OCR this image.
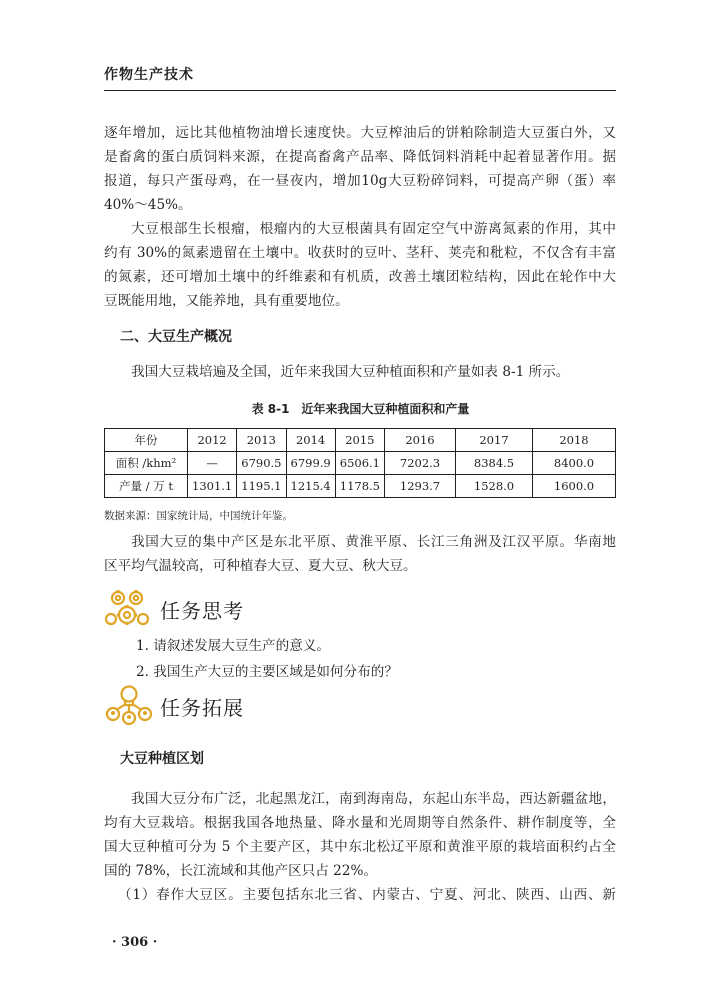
作物生产技术
逐年增加，远比其他植物油增长速度快。大豆榨油后的饼粕除制造大豆蛋白外，又
是畜禽的蛋白质饲料来源，在提高畜禽产品率、降低饲料消耗中起着显著作用。据
报道，每只产蛋母鸡，在一昼夜内，增加10g大豆粉碎饲料，可提高产卵（蛋）率
40%～45%。
大豆根部生长根瘤，根瘤内的大豆根菌具有固定空气中游离氮素的作用，其中
约有 30%的氮素遗留在土壤中。收获时的豆叶、茎秆、荚壳和秕粒，不仅含有丰富
的氮素，还可增加土壤中的纤维素和有机质，改善土壤团粒结构，因此在轮作中大
豆既能用地，又能养地，具有重要地位。
二、大豆生产概况
我国大豆栽培遍及全国，近年来我国大豆种植面积和产量如表 8-1 所示。
表 8-1　近年来我国大豆种植面积和产量
年份	2012	2013	2014	2015	2016	2017	2018
面积 /khm²	—	6790.5	6799.9	6506.1	7202.3	8384.5	8400.0
产量 / 万 t	1301.1	1195.1	1215.4	1178.5	1293.7	1528.0	1600.0
数据来源：国家统计局，中国统计年鉴。
我国大豆的集中产区是东北平原、黄淮平原、长江三角洲及江汉平原。华南地
区平均气温较高，可种植春大豆、夏大豆、秋大豆。
任务思考
1. 请叙述发展大豆生产的意义。
2. 我国生产大豆的主要区域是如何分布的？
任务拓展
大豆种植区划
我国大豆分布广泛，北起黑龙江，南到海南岛，东起山东半岛，西达新疆盆地，
均有大豆栽培。根据我国各地热量、降水量和光周期等自然条件、耕作制度等，全
国大豆种植可分为 5 个主要产区，其中东北松辽平原和黄淮平原的栽培面积约占全
国的 78%，长江流域和其他产区只占 22%。
（1）春作大豆区。主要包括东北三省、内蒙古、宁夏、河北、陕西、山西、新
· 306 ·
